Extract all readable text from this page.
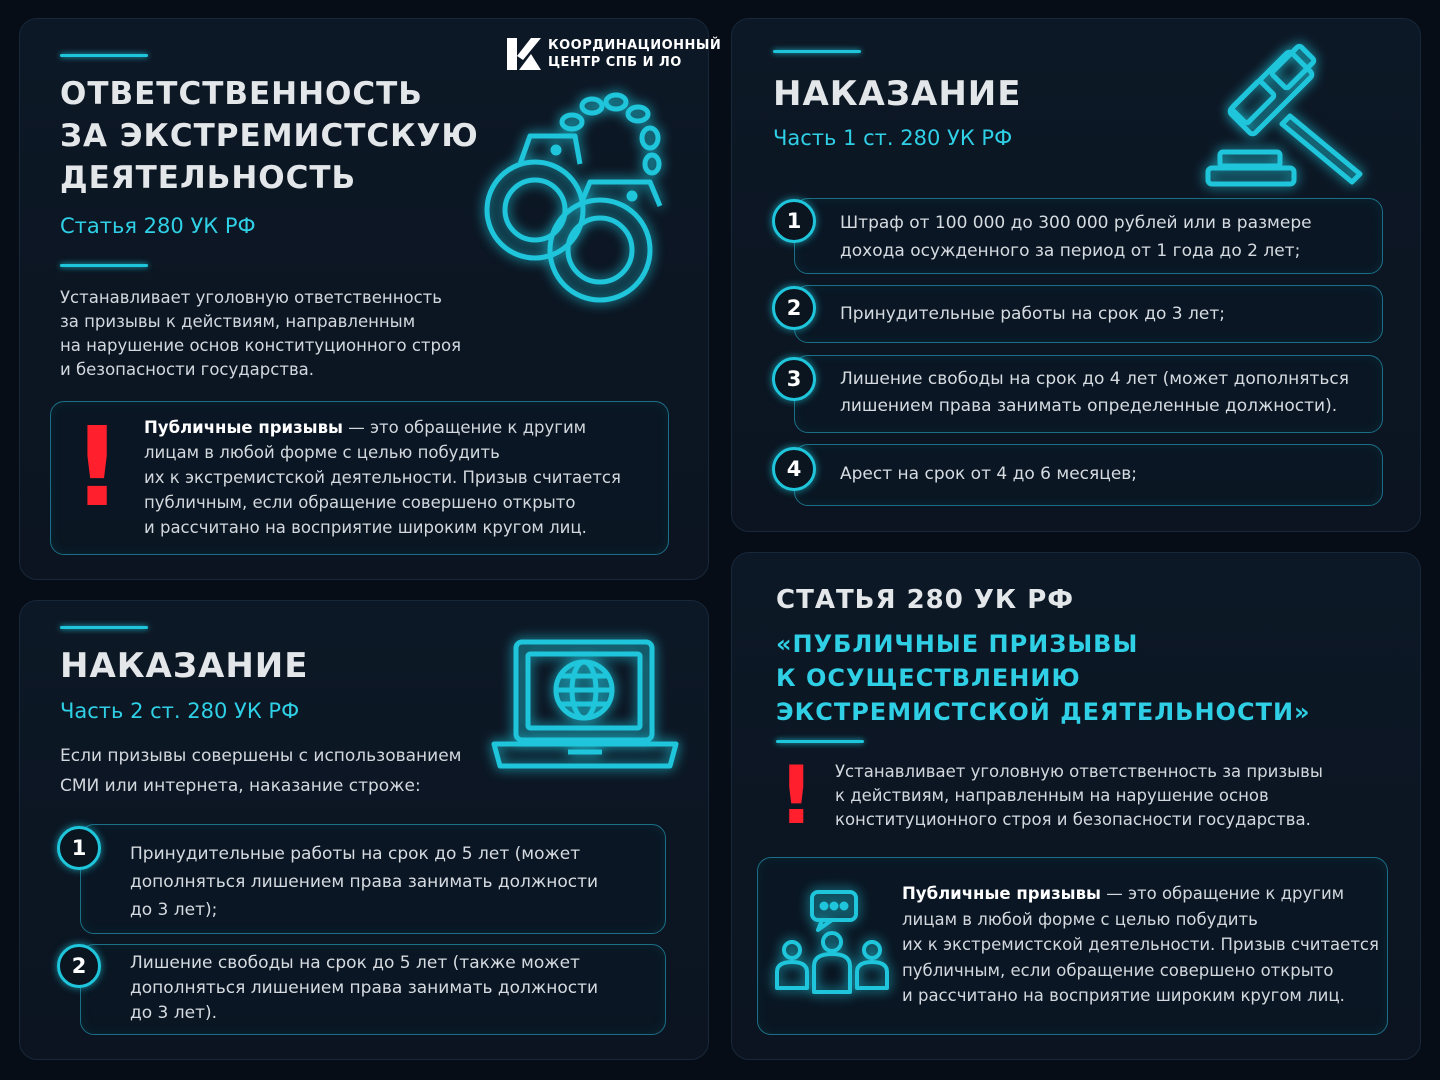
КООРДИНАЦИОННЫЙ
ЦЕНТР СПБ И ЛО
ОТВЕТСТВЕННОСТЬ
ЗА ЭКСТРЕМИСТСКУЮ
ДЕЯТЕЛЬНОСТЬ
Статья 280 УК РФ
Устанавливает уголовную ответственность
за призывы к действиям, направленным
на нарушение основ конституционного строя
и безопасности государства.
! Публичные призывы — это обращение к другим
лицам в любой форме с целью побудить
их к экстремистской деятельности. Призыв считается
публичным, если обращение совершено открыто
и рассчитано на восприятие широким кругом лиц.
НАКАЗАНИЕ
Часть 1 ст. 280 УК РФ
1	Штраф от 100 000 до 300 000 рублей или в размере
дохода осужденного за период от 1 года до 2 лет;
2	Принудительные работы на срок до 3 лет;
3	Лишение свободы на срок до 4 лет (может дополняться
лишением права занимать определенные должности).
4	Арест на срок от 4 до 6 месяцев;
НАКАЗАНИЕ
Часть 2 ст. 280 УК РФ
Если призывы совершены с использованием
СМИ или интернета, наказание строже:
1	Принудительные работы на срок до 5 лет (может
дополняться лишением права занимать должности
до 3 лет);
2	Лишение свободы на срок до 5 лет (также может
дополняться лишением права занимать должности
до 3 лет).
СТАТЬЯ 280 УК РФ
«ПУБЛИЧНЫЕ ПРИЗЫВЫ
К ОСУЩЕСТВЛЕНИЮ
ЭКСТРЕМИСТСКОЙ ДЕЯТЕЛЬНОСТИ»
! Устанавливает уголовную ответственность за призывы
к действиям, направленным на нарушение основ
конституционного строя и безопасности государства.
Публичные призывы — это обращение к другим
лицам в любой форме с целью побудить
их к экстремистской деятельности. Призыв считается
публичным, если обращение совершено открыто
и рассчитано на восприятие широким кругом лиц.
